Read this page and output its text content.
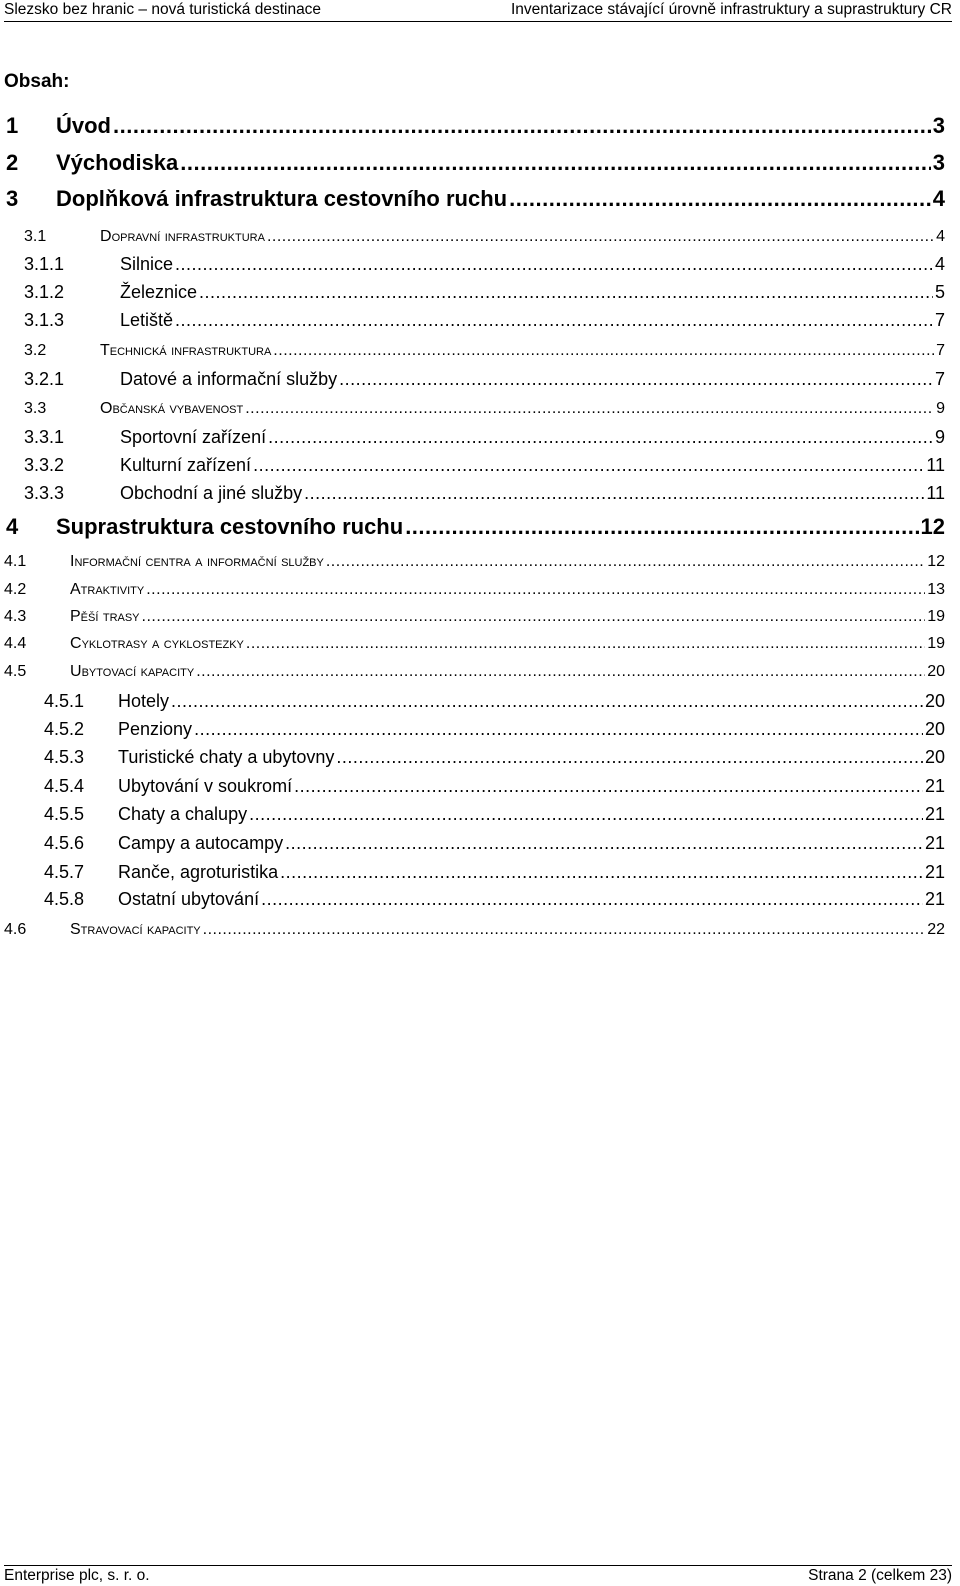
Slezsko bez hranic – nová turistická destinace	Inventarizace stávající úrovně infrastruktury a suprastruktury CR
Obsah:
1	Úvod .....	3
2	Východiska .....	3
3	Doplňková infrastruktura cestovního ruchu .....	4
3.1	dopravní infrastruktura .....	4
3.1.1	Silnice .....	4
3.1.2	Železnice .....	5
3.1.3	Letiště .....	7
3.2	technická infrastruktura .....	7
3.2.1	Datové a informační služby .....	7
3.3	občanská vybavenost .....	9
3.3.1	Sportovní zařízení .....	9
3.3.2	Kulturní zařízení .....	11
3.3.3	Obchodní a jiné služby .....	11
4	Suprastruktura cestovního ruchu .....	12
4.1	informační centra a informační služby .....	12
4.2	atraktivity .....	13
4.3	pěší trasy .....	19
4.4	cyklotrasy a cyklostezky .....	19
4.5	ubytovací kapacity .....	20
4.5.1	Hotely .....	20
4.5.2	Penziony .....	20
4.5.3	Turistické chaty a ubytovny .....	20
4.5.4	Ubytování v soukromí .....	21
4.5.5	Chaty a chalupy .....	21
4.5.6	Campy a autocampy .....	21
4.5.7	Ranče, agroturistika .....	21
4.5.8	Ostatní ubytování .....	21
4.6	stravovací kapacity .....	22
Enterprise plc, s. r. o.	Strana 2 (celkem 23)
